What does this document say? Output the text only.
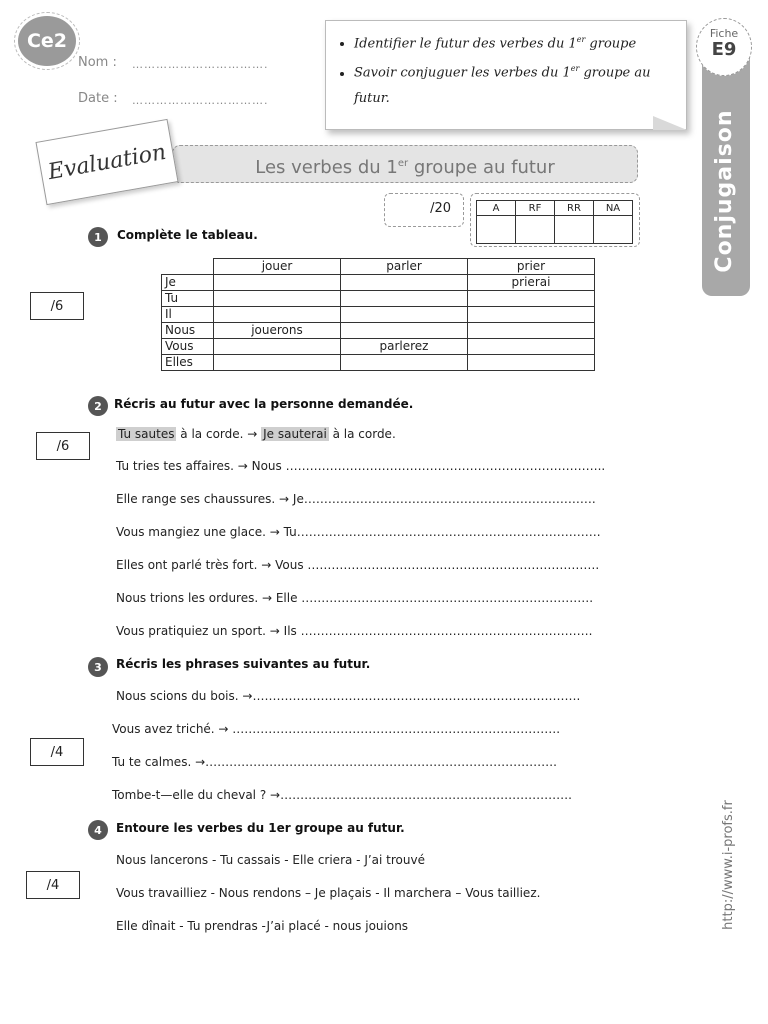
Ce2
Nom : …………………………….
Date : …………………………….
• Identifier le futur des verbes du 1er groupe
• Savoir conjuguer les verbes du 1er groupe au futur.
Conjugaison
Fiche
E9
Les verbes du 1er groupe au futur
Evaluation
/20	A	RF	RR	NA

1	Complète le tableau.
/6
	jouer	parler	prier
Je			prierai
Tu			
Il			
Nous	jouerons		
Vous		parlerez	
Elles			
2	Récris au futur avec la personne demandée.
/6
Tu sautes à la corde. → Je sauterai à la corde.
Tu tries tes affaires. → Nous ……………………………………………………………………..
Elle range ses chaussures. → Je……………………………………………………………….
Vous mangiez une glace. → Tu………………………………………………………………….
Elles ont parlé très fort. → Vous ……………………………………………………………….
Nous trions les ordures. → Elle ……………………………………………………………….
Vous pratiquiez un sport. → Ils ……………………………………………………………….
3	Récris les phrases suivantes au futur.
/4
Nous scions du bois. →……………………………………………………………………….
Vous avez triché. → ……………………………………………………………………….
Tu te calmes. →…………………………………………………………………………….
Tombe-t—elle du cheval ? →……………………………………………………………….
4	Entoure les verbes du 1er groupe au futur.
/4
Nous lancerons - Tu cassais - Elle criera - J’ai trouvé
Vous travailliez - Nous rendons – Je plaçais - Il marchera – Vous tailliez.
Elle dînait - Tu prendras -J’ai placé - nous jouions	http://www.i-profs.fr
